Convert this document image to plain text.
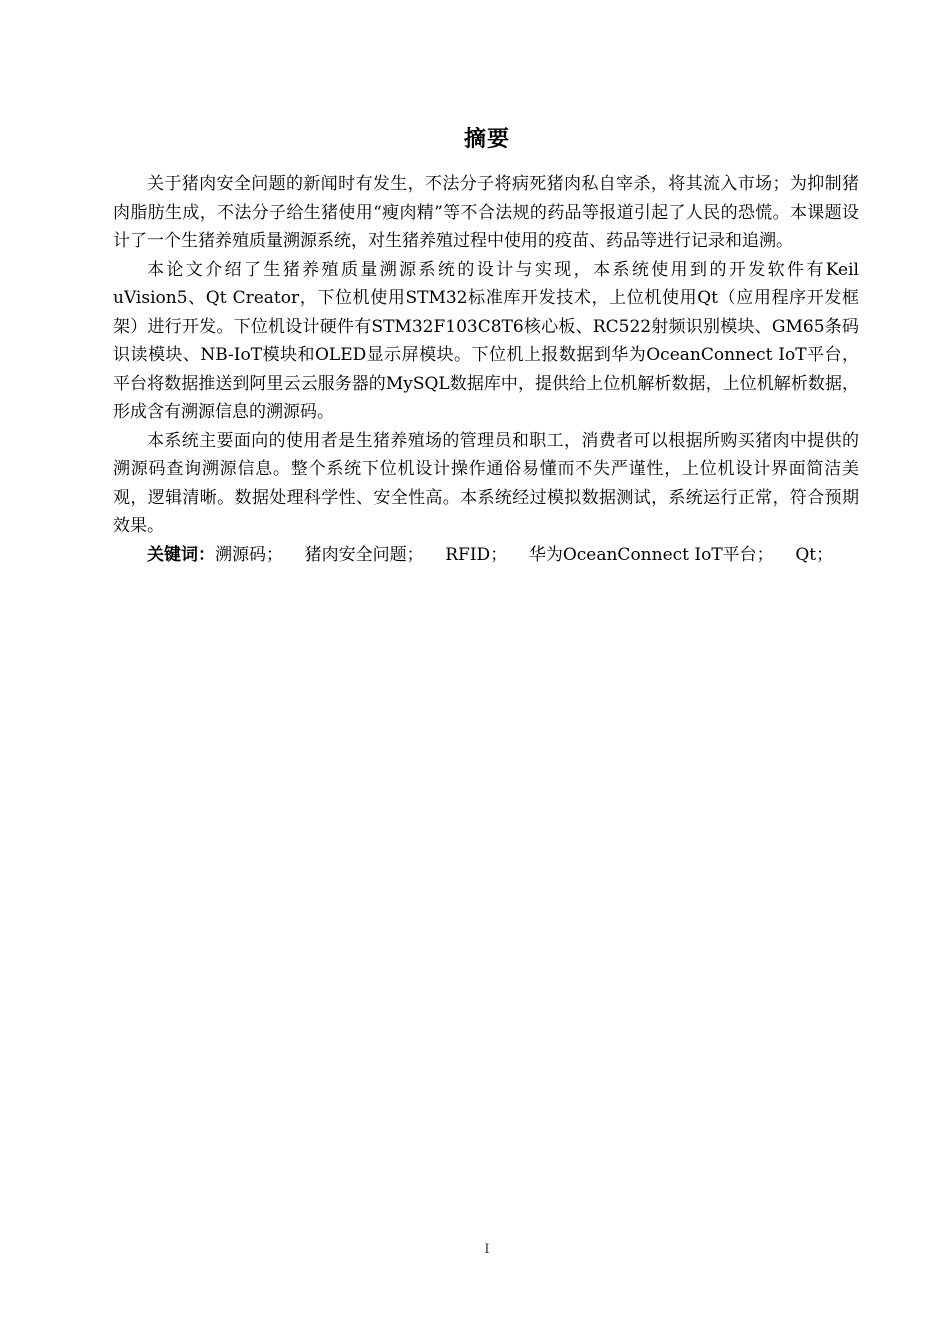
摘要

关于猪肉安全问题的新闻时有发生，不法分子将病死猪肉私自宰杀，将其流入市场；为抑制猪肉脂肪生成，不法分子给生猪使用“瘦肉精”等不合法规的药品等报道引起了人民的恐慌。本课题设计了一个生猪养殖质量溯源系统，对生猪养殖过程中使用的疫苗、药品等进行记录和追溯。

本论文介绍了生猪养殖质量溯源系统的设计与实现，本系统使用到的开发软件有Keil uVision5、Qt Creator，下位机使用STM32标准库开发技术，上位机使用Qt（应用程序开发框架）进行开发。下位机设计硬件有STM32F103C8T6核心板、RC522射频识别模块、GM65条码识读模块、NB-IoT模块和OLED显示屏模块。下位机上报数据到华为OceanConnect IoT平台，平台将数据推送到阿里云云服务器的MySQL数据库中，提供给上位机解析数据，上位机解析数据，形成含有溯源信息的溯源码。

本系统主要面向的使用者是生猪养殖场的管理员和职工，消费者可以根据所购买猪肉中提供的溯源码查询溯源信息。整个系统下位机设计操作通俗易懂而不失严谨性，上位机设计界面简洁美观，逻辑清晰。数据处理科学性、安全性高。本系统经过模拟数据测试，系统运行正常，符合预期效果。

关键词：溯源码； 猪肉安全问题； RFID； 华为OceanConnect IoT平台； Qt；

I
